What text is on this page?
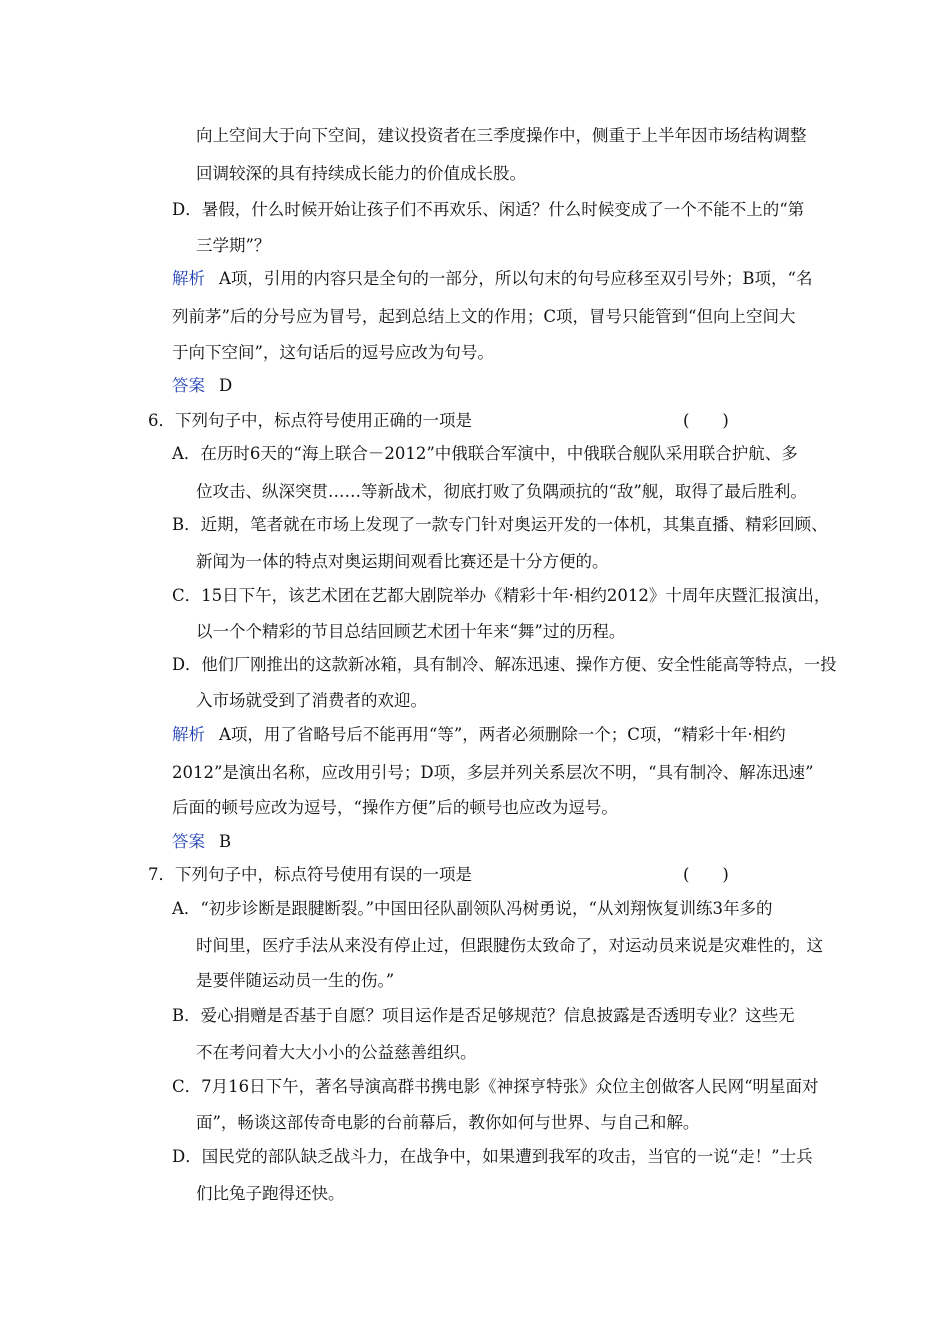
向上空间大于向下空间，建议投资者在三季度操作中，侧重于上半年因市场结构调整
回调较深的具有持续成长能力的价值成长股。
D．暑假，什么时候开始让孩子们不再欢乐、闲适？什么时候变成了一个不能不上的“第
三学期”？
解析 A项，引用的内容只是全句的一部分，所以句末的句号应移至双引号外；B项，“名
列前茅”后的分号应为冒号，起到总结上文的作用；C项，冒号只能管到“但向上空间大
于向下空间”，这句话后的逗号应改为句号。
答案 D
6．下列句子中，标点符号使用正确的一项是	(　　)
A．在历时6天的“海上联合－2012”中俄联合军演中，中俄联合舰队采用联合护航、多
位攻击、纵深突贯……等新战术，彻底打败了负隅顽抗的“敌”舰，取得了最后胜利。
B．近期，笔者就在市场上发现了一款专门针对奥运开发的一体机，其集直播、精彩回顾、
新闻为一体的特点对奥运期间观看比赛还是十分方便的。
C．15日下午，该艺术团在艺都大剧院举办《精彩十年·相约2012》十周年庆暨汇报演出，
以一个个精彩的节目总结回顾艺术团十年来“舞”过的历程。
D．他们厂刚推出的这款新冰箱，具有制冷、解冻迅速、操作方便、安全性能高等特点，一投
入市场就受到了消费者的欢迎。
解析 A项，用了省略号后不能再用“等”，两者必须删除一个；C项，“精彩十年·相约
2012”是演出名称，应改用引号；D项，多层并列关系层次不明，“具有制冷、解冻迅速”
后面的顿号应改为逗号，“操作方便”后的顿号也应改为逗号。
答案 B
7．下列句子中，标点符号使用有误的一项是	(　　)
A．“初步诊断是跟腱断裂。”中国田径队副领队冯树勇说，“从刘翔恢复训练3年多的
时间里，医疗手法从来没有停止过，但跟腱伤太致命了，对运动员来说是灾难性的，这
是要伴随运动员一生的伤。”
B．爱心捐赠是否基于自愿？项目运作是否足够规范？信息披露是否透明专业？这些无
不在考问着大大小小的公益慈善组织。
C．7月16日下午，著名导演高群书携电影《神探亨特张》众位主创做客人民网“明星面对
面”，畅谈这部传奇电影的台前幕后，教你如何与世界、与自己和解。
D．国民党的部队缺乏战斗力，在战争中，如果遭到我军的攻击，当官的一说“走！”士兵
们比兔子跑得还快。
